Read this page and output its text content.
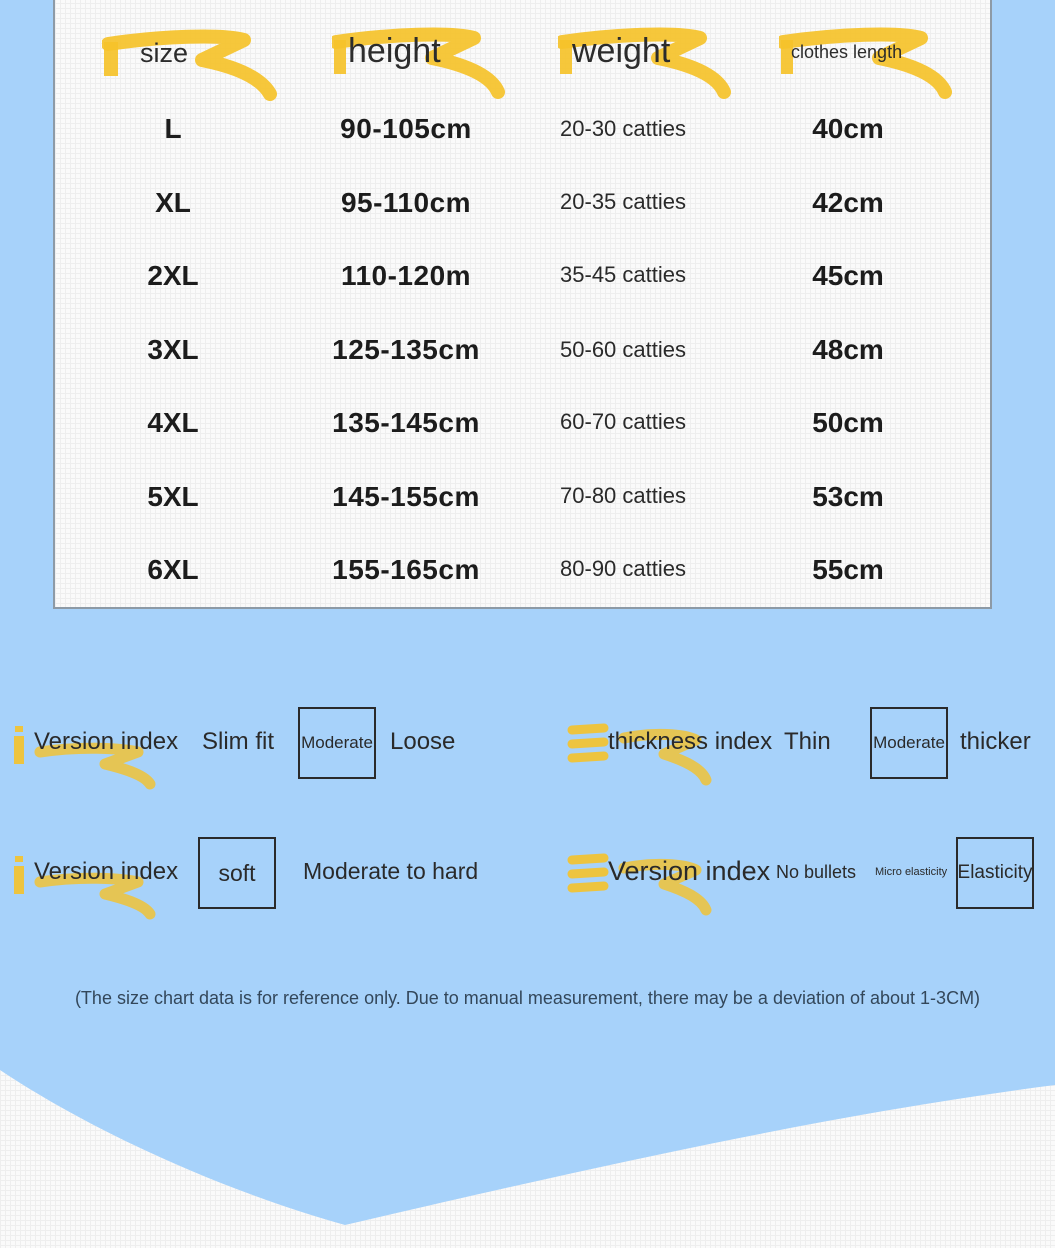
size	height	weight	clothes length
L	90-105cm	20-30 catties	40cm
XL	95-110cm	20-35 catties	42cm
2XL	110-120m	35-45 catties	45cm
3XL	125-135cm	50-60 catties	48cm
4XL	135-145cm	60-70 catties	50cm
5XL	145-155cm	70-80 catties	53cm
6XL	155-165cm	80-90 catties	55cm
Version index Slim fit Moderate Loose	thickness index Thin Moderate thicker
Version index	soft	Moderate to hard	Version index No bullets Micro elasticity Elasticity
(The size chart data is for reference only. Due to manual measurement, there may be a deviation of about 1-3CM)
